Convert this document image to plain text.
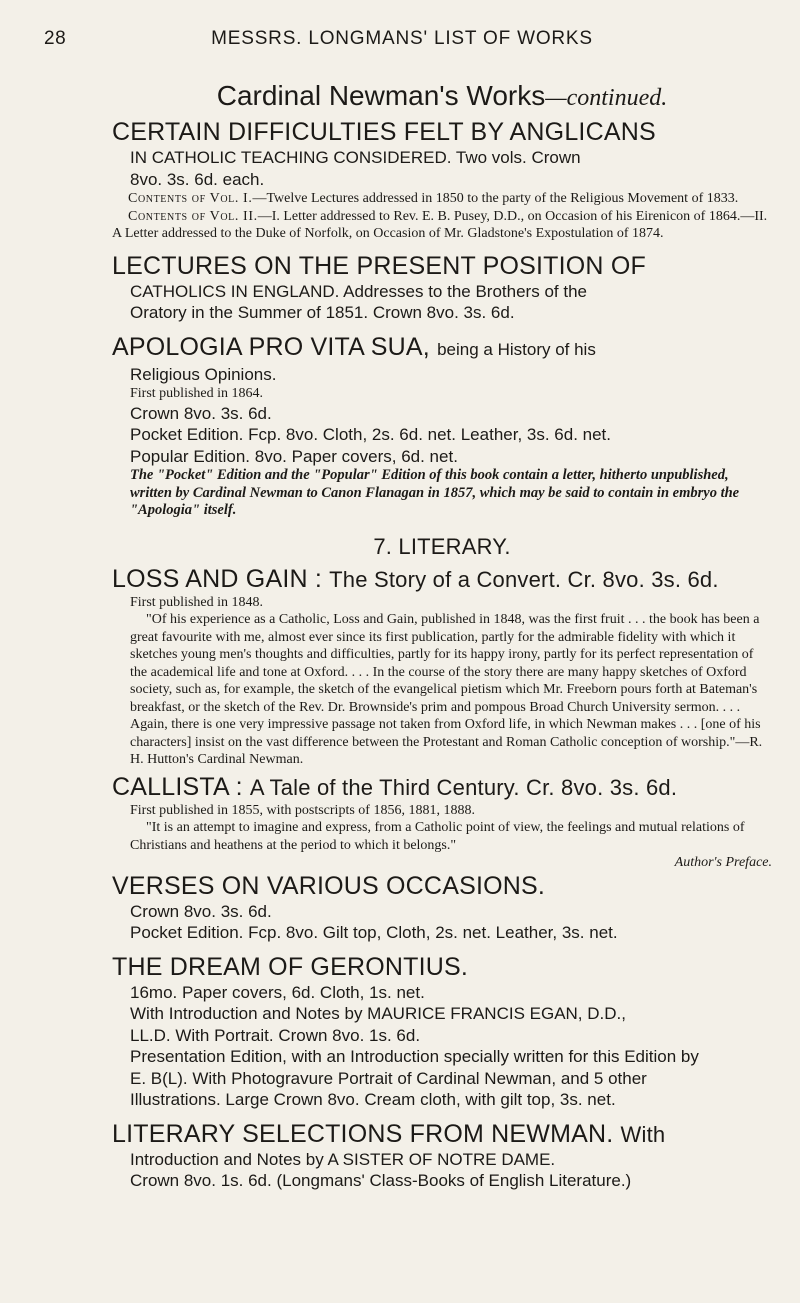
28	MESSRS. LONGMANS' LIST OF WORKS
Cardinal Newman's Works—continued.

CERTAIN DIFFICULTIES FELT BY ANGLICANS

IN CATHOLIC TEACHING CONSIDERED. Two vols. Crown

8vo. 3s. 6d. each.

Contents of Vol. I.—Twelve Lectures addressed in 1850 to the party of the Religious Movement of 1833.

Contents of Vol. II.—I. Letter addressed to Rev. E. B. Pusey, D.D., on Occasion of his Eirenicon of 1864.—II. A Letter addressed to the Duke of Norfolk, on Occasion of Mr. Gladstone's Expostulation of 1874.

LECTURES ON THE PRESENT POSITION OF

CATHOLICS IN ENGLAND. Addresses to the Brothers of the

Oratory in the Summer of 1851. Crown 8vo. 3s. 6d.

APOLOGIA PRO VITA SUA, being a History of his

Religious Opinions.

First published in 1864.

Crown 8vo. 3s. 6d.

Pocket Edition. Fcp. 8vo. Cloth, 2s. 6d. net. Leather, 3s. 6d. net.

Popular Edition. 8vo. Paper covers, 6d. net.

The "Pocket" Edition and the "Popular" Edition of this book contain a letter, hitherto unpublished, written by Cardinal Newman to Canon Flanagan in 1857, which may be said to contain in embryo the "Apologia" itself.

7. LITERARY.

LOSS AND GAIN : The Story of a Convert. Cr. 8vo. 3s. 6d.

First published in 1848.

"Of his experience as a Catholic, Loss and Gain, published in 1848, was the first fruit . . . the book has been a great favourite with me, almost ever since its first publication, partly for the admirable fidelity with which it sketches young men's thoughts and difficulties, partly for its happy irony, partly for its perfect representation of the academical life and tone at Oxford. . . . In the course of the story there are many happy sketches of Oxford society, such as, for example, the sketch of the evangelical pietism which Mr. Freeborn pours forth at Bateman's breakfast, or the sketch of the Rev. Dr. Brownside's prim and pompous Broad Church University sermon. . . . Again, there is one very impressive passage not taken from Oxford life, in which Newman makes . . . [one of his characters] insist on the vast difference between the Protestant and Roman Catholic conception of worship."—R. H. Hutton's Cardinal Newman.

CALLISTA : A Tale of the Third Century. Cr. 8vo. 3s. 6d.

First published in 1855, with postscripts of 1856, 1881, 1888.

"It is an attempt to imagine and express, from a Catholic point of view, the feelings and mutual relations of Christians and heathens at the period to which it belongs."

Author's Preface.

VERSES ON VARIOUS OCCASIONS.

Crown 8vo. 3s. 6d.

Pocket Edition. Fcp. 8vo. Gilt top, Cloth, 2s. net. Leather, 3s. net.

THE DREAM OF GERONTIUS.

16mo. Paper covers, 6d. Cloth, 1s. net.

With Introduction and Notes by MAURICE FRANCIS EGAN, D.D.,

LL.D. With Portrait. Crown 8vo. 1s. 6d.

Presentation Edition, with an Introduction specially written for this Edition by

E. B(L). With Photogravure Portrait of Cardinal Newman, and 5 other

Illustrations. Large Crown 8vo. Cream cloth, with gilt top, 3s. net.

LITERARY SELECTIONS FROM NEWMAN. With

Introduction and Notes by A SISTER OF NOTRE DAME.

Crown 8vo. 1s. 6d. (Longmans' Class-Books of English Literature.)
